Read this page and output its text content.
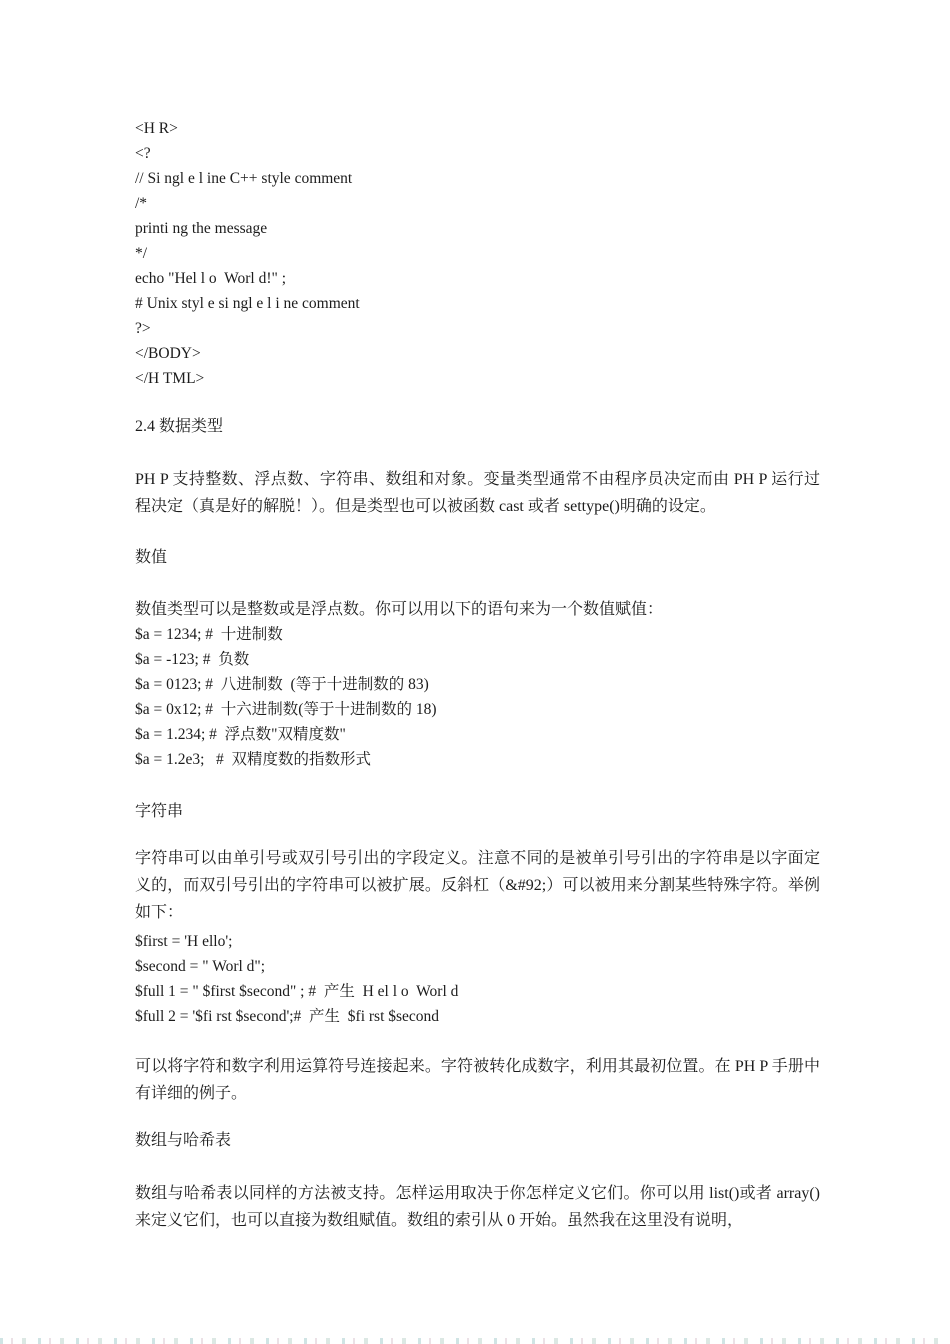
<H R>
<?
// Si ngl e l ine C++ style comment
/*
printi ng the message
*/
echo "Hel l o  Worl d!" ;
# Unix styl e si ngl e l i ne comment
?>
</BODY>
</H TML>
2.4 数据类型

PH P 支持整数、浮点数、字符串、数组和对象。变量类型通常不由程序员决定而由 PH P 运行过程决定（真是好的解脱！）。但是类型也可以被函数 cast 或者 settype()明确的设定。

数值

数值类型可以是整数或是浮点数。你可以用以下的语句来为一个数值赋值：

$a = 1234; #  十进制数
$a = -123; #  负数
$a = 0123; #  八进制数  (等于十进制数的 83)
$a = 0x12; #  十六进制数(等于十进制数的 18)
$a = 1.234; #  浮点数"双精度数"
$a = 1.2e3;   #  双精度数的指数形式
字符串

字符串可以由单引号或双引号引出的字段定义。注意不同的是被单引号引出的字符串是以字面定义的，而双引号引出的字符串可以被扩展。反斜杠（&#92;）可以被用来分割某些特殊字符。举例如下：

$first = 'H ello';
$second = " Worl d";
$full 1 = " $first $second" ; #  产生  H el l o  Worl d
$full 2 = '$fi rst $second';#  产生  $fi rst $second

可以将字符和数字利用运算符号连接起来。字符被转化成数字，利用其最初位置。在 PH P 手册中有详细的例子。

数组与哈希表

数组与哈希表以同样的方法被支持。怎样运用取决于你怎样定义它们。你可以用 list()或者 array()来定义它们，也可以直接为数组赋值。数组的索引从 0 开始。虽然我在这里没有说明，
